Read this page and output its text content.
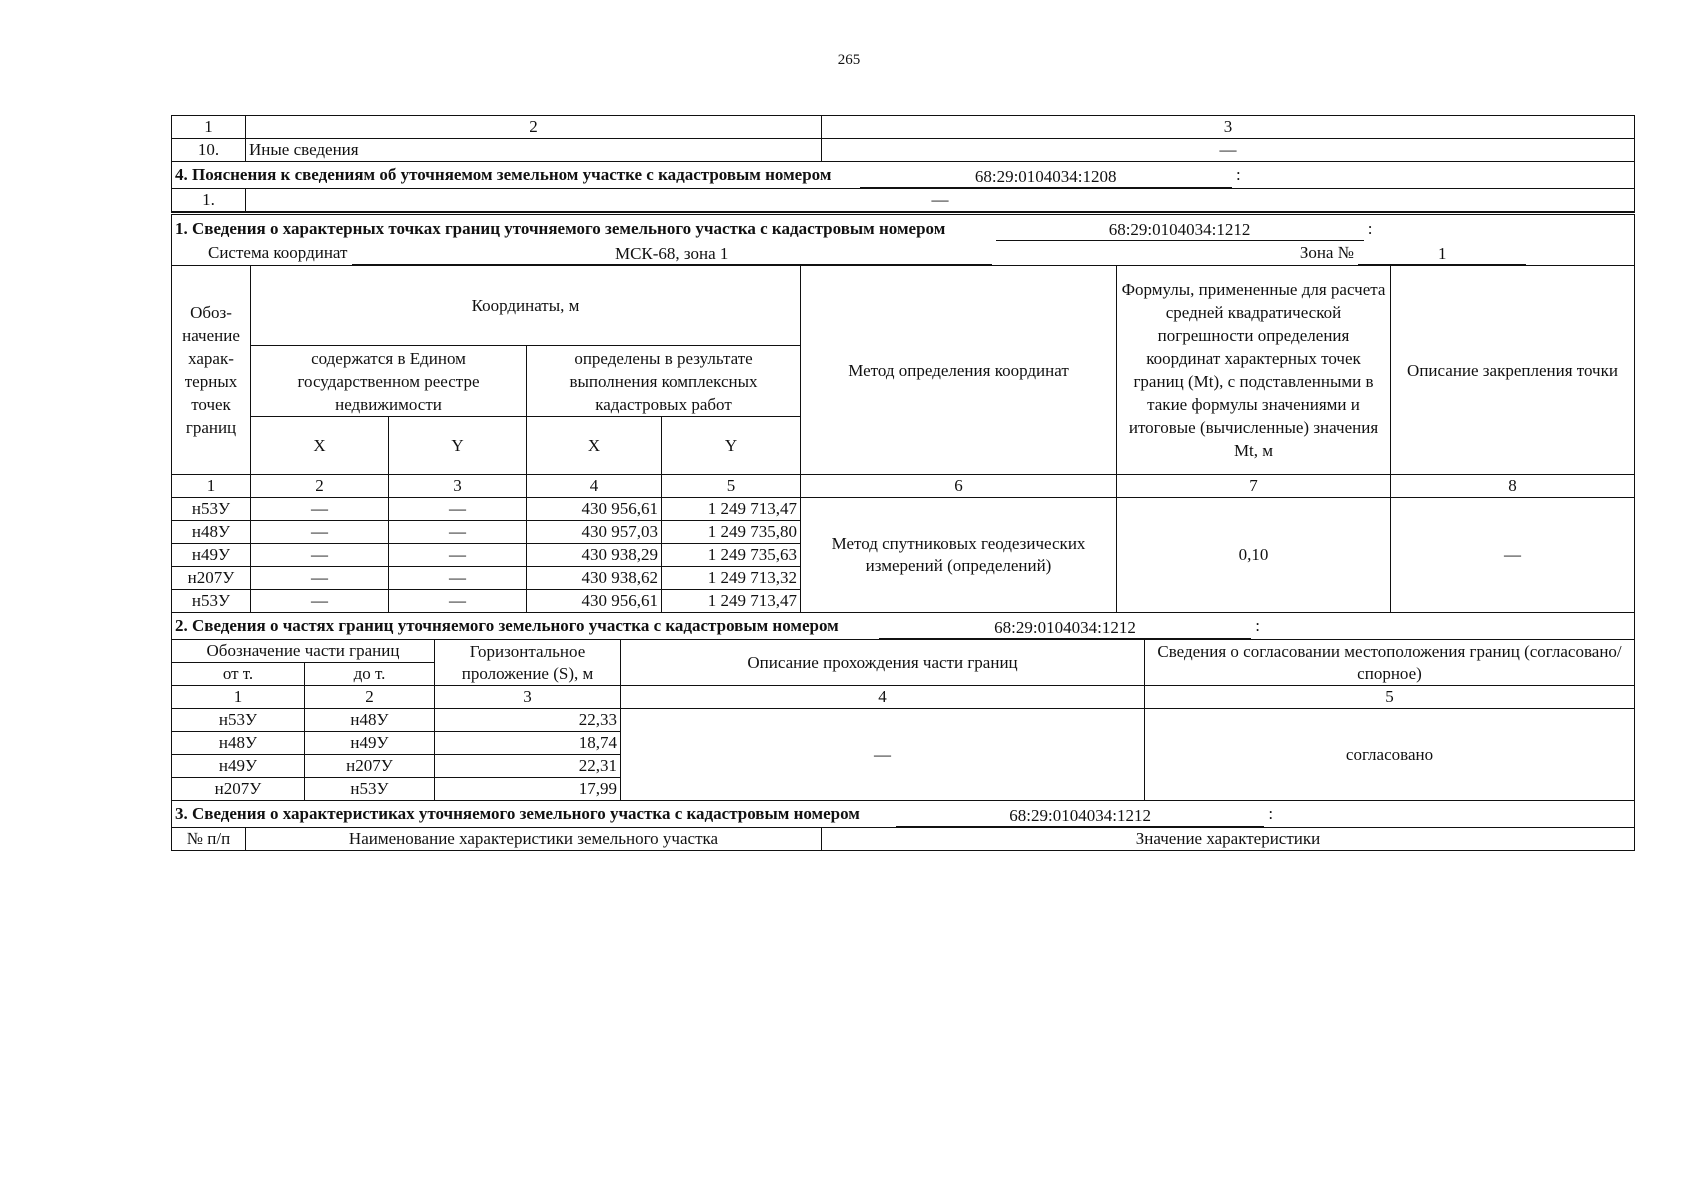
265
1	2	3
10.	Иные сведения	—
4. Пояснения к сведениям об уточняемом земельном участке с кадастровым номером 68:29:0104034:1208 :		
1.	—	
1. Сведения о характерных точках границ уточняемого земельного участка с кадастровым номером 68:29:0104034:1212 :							
Система координат МСК-68, зона 1 Зона № 1							
Обоз-начение харак-терных точек границ	Координаты, м				Метод определения координат	Формулы, примененные для расчета средней квадратической погрешности определения координат характерных точек границ (Mt), с подставленными в такие формулы значениями и итоговые (вычисленные) значения Mt, м	Описание закрепления точки
	содержатся в Едином государственном реестре недвижимости		определены в результате выполнения комплексных кадастровых работ				
	X	Y	X	Y			
1	2	3	4	5	6	7	8
н53У	—	—	430 956,61	1 249 713,47	Метод спутниковых геодезических измерений (определений)	0,10	—
н48У	—	—	430 957,03	1 249 735,80			
н49У	—	—	430 938,29	1 249 735,63			
н207У	—	—	430 938,62	1 249 713,32			
н53У	—	—	430 956,61	1 249 713,47			
2. Сведения о частях границ уточняемого земельного участка с кадастровым номером 68:29:0104034:1212 :				
Обозначение части границ		Горизонтальное проложение (S), м	Описание прохождения части границ	Сведения о согласовании местоположения границ (согласовано/спорное)
от т.	до т.			
1	2	3	4	5
н53У	н48У	22,33	—	согласовано
н48У	н49У	18,74		
н49У	н207У	22,31		
н207У	н53У	17,99		
3. Сведения о характеристиках уточняемого земельного участка с кадастровым номером	68:29:0104034:1212	:
№ п/п	Наименование характеристики земельного участка	Значение характеристики
